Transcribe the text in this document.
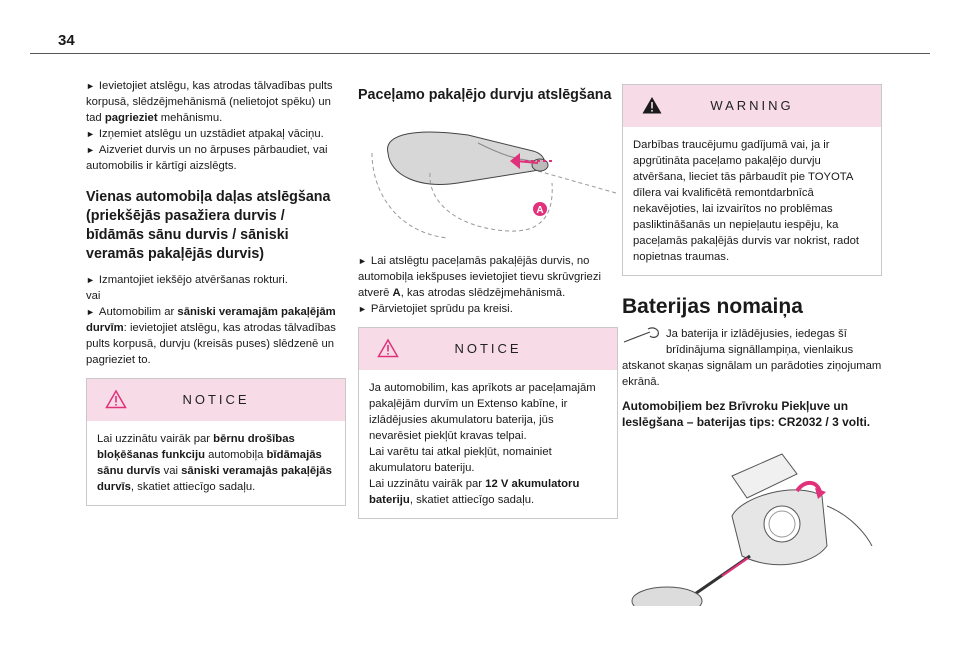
34

► Ievietojiet atslēgu, kas atrodas tālvadības pults korpusā, slēdzējmehānismā (nelietojot spēku) un tad pagrieziet mehānismu.

► Izņemiet atslēgu un uzstādiet atpakaļ vāciņu.

► Aizveriet durvis un no ārpuses pārbaudiet, vai automobilis ir kārtīgi aizslēgts.

Vienas automobiļa daļas atslēgšana (priekšējās pasažiera durvis / bīdāmās sānu durvis / sāniski veramās pakaļējās durvis)

► Izmantojiet iekšējo atvēršanas rokturi.

vai

► Automobilim ar sāniski veramajām pakaļējām durvīm: ievietojiet atslēgu, kas atrodas tālvadības pults korpusā, durvju (kreisās puses) slēdzenē un pagrieziet to.

NOTICE
Lai uzzinātu vairāk par bērnu drošības bloķēšanas funkciju automobiļa bīdāmajās sānu durvīs vai sāniski veramajās pakaļējās durvīs, skatiet attiecīgo sadaļu.
Paceļamo pakaļējo durvju atslēgšana
A

► Lai atslēgtu paceļamās pakaļējās durvis, no automobiļa iekšpuses ievietojiet tievu skrūvgriezi atverē A, kas atrodas slēdzējmehānismā.

► Pārvietojiet sprūdu pa kreisi.

NOTICE
Ja automobilim, kas aprīkots ar paceļamajām pakaļējām durvīm un Extenso kabīne, ir izlādējusies akumulatoru baterija, jūs nevarēsiet piekļūt kravas telpai.
Lai varētu tai atkal piekļūt, nomainiet akumulatoru bateriju.
Lai uzzinātu vairāk par 12 V akumulatoru bateriju, skatiet attiecīgo sadaļu.
WARNING
Darbības traucējumu gadījumā vai, ja ir apgrūtināta paceļamo pakaļējo durvju atvēršana, lieciet tās pārbaudīt pie TOYOTA dīlera vai kvalificētā remontdarbnīcā nekavējoties, lai izvairītos no problēmas pasliktināšanās un nepieļautu iespēju, ka paceļamās pakaļējās durvis var nokrist, radot nopietnas traumas.
Baterijas nomaiņa

Ja baterija ir izlādējusies, iedegas šī brīdinājuma signāllampiņa, vienlaikus atskanot skaņas signālam un parādoties ziņojumam ekrānā.

Automobiļiem bez Brīvroku Piekļuve un Ieslēgšana – baterijas tips: CR2032 / 3 volti.
